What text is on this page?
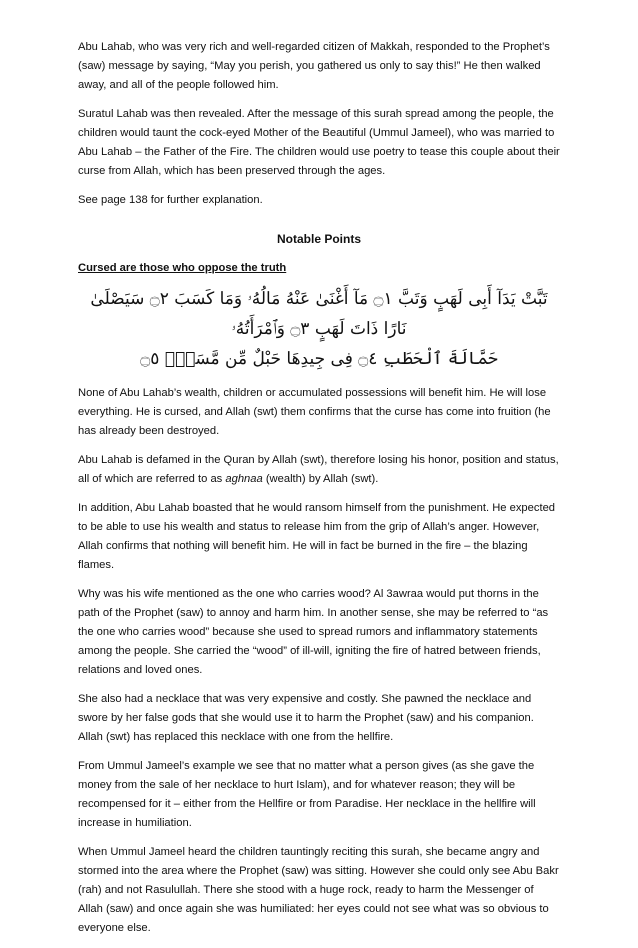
Abu Lahab, who was very rich and well-regarded citizen of Makkah, responded to the Prophet’s (saw) message by saying, “May you perish, you gathered us only to say this!” He then walked away, and all of the people followed him.

Suratul Lahab was then revealed. After the message of this surah spread among the people, the children would taunt the cock-eyed Mother of the Beautiful (Ummul Jameel), who was married to Abu Lahab – the Father of the Fire. The children would use poetry to tease this couple about their curse from Allah, which has been preserved through the ages.

See page 138 for further explanation.

Notable Points
Cursed are those who oppose the truth
تَبَّتْ يَدَآ أَبِى لَهَبٍ وَتَبَّ ۝١ مَآ أَغْنَىٰ عَنْهُ مَالُهُۥ وَمَا كَسَبَ ۝٢ سَيَصْلَىٰ نَارًا ذَاتَ لَهَبٍ ۝٣ وَٱمْرَأَتُهُۥ
حَمَّالَةَ ٱلْحَطَبِ ۝٤ فِى جِيدِهَا حَبْلٌ مِّن مَّسَدٍۭ ۝٥

None of Abu Lahab’s wealth, children or accumulated possessions will benefit him. He will lose everything. He is cursed, and Allah (swt) them confirms that the curse has come into fruition (he has already been destroyed.

Abu Lahab is defamed in the Quran by Allah (swt), therefore losing his honor, position and status, all of which are referred to as aghnaa (wealth) by Allah (swt).

In addition, Abu Lahab boasted that he would ransom himself from the punishment. He expected to be able to use his wealth and status to release him from the grip of Allah’s anger. However, Allah confirms that nothing will benefit him. He will in fact be burned in the fire – the blazing flames.

Why was his wife mentioned as the one who carries wood? Al 3awraa would put thorns in the path of the Prophet (saw) to annoy and harm him. In another sense, she may be referred to “as the one who carries wood” because she used to spread rumors and inflammatory statements among the people. She carried the “wood” of ill-will, igniting the fire of hatred between friends, relations and loved ones.

She also had a necklace that was very expensive and costly. She pawned the necklace and swore by her false gods that she would use it to harm the Prophet (saw) and his companion. Allah (swt) has replaced this necklace with one from the hellfire.

From Ummul Jameel’s example we see that no matter what a person gives (as she gave the money from the sale of her necklace to hurt Islam), and for whatever reason; they will be recompensed for it – either from the Hellfire or from Paradise. Her necklace in the hellfire will increase in humiliation.

When Ummul Jameel heard the children tauntingly reciting this surah, she became angry and stormed into the area where the Prophet (saw) was sitting. However she could only see Abu Bakr (rah) and not Rasulullah. There she stood with a huge rock, ready to harm the Messenger of Allah (saw) and once again she was humiliated: her eyes could not see what was so obvious to everyone else.
